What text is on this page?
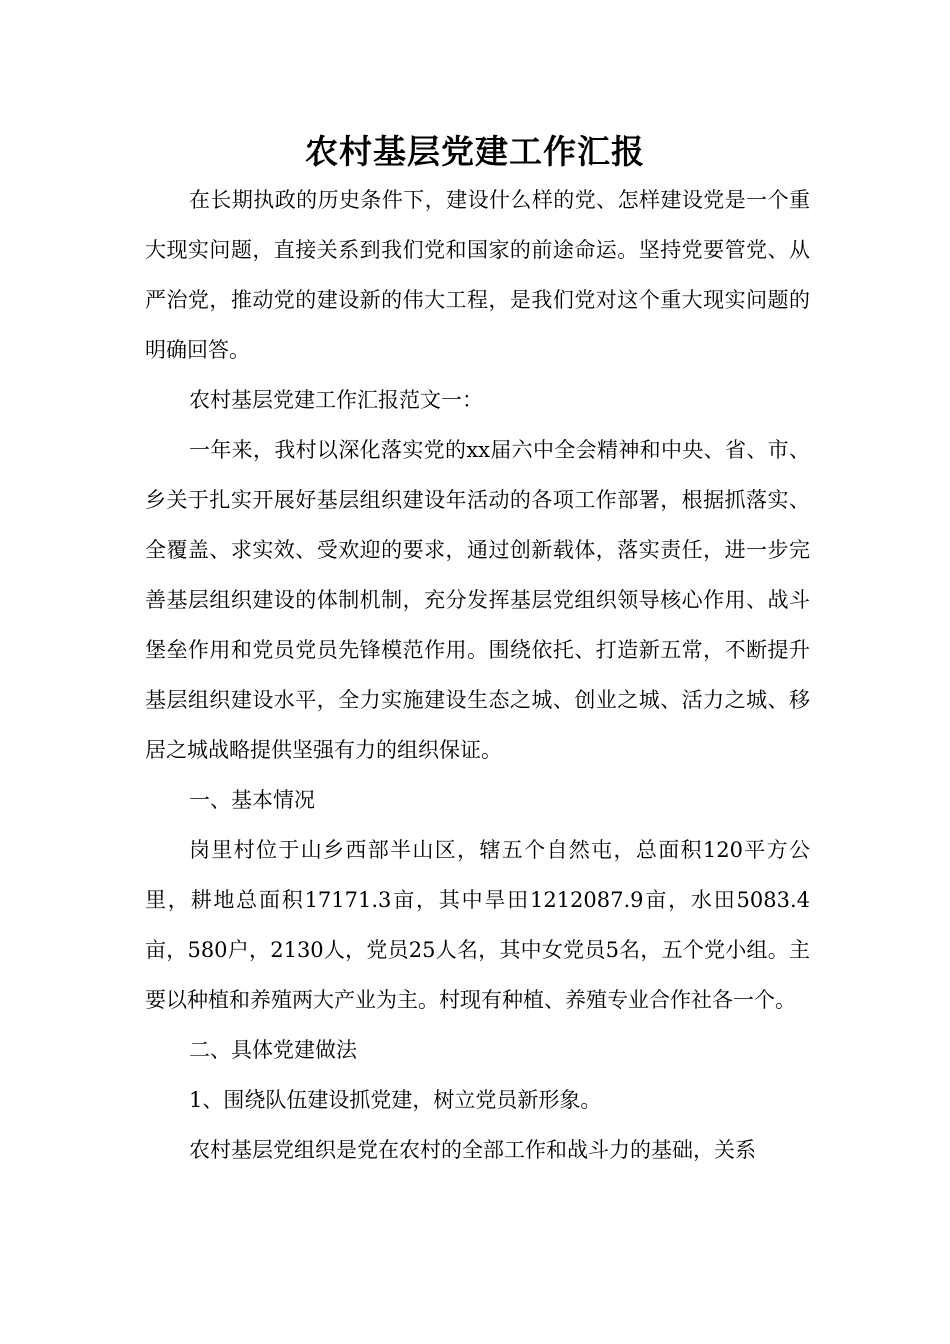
农村基层党建工作汇报

在长期执政的历史条件下，建设什么样的党、怎样建设党是一个重大现实问题，直接关系到我们党和国家的前途命运。坚持党要管党、从严治党，推动党的建设新的伟大工程，是我们党对这个重大现实问题的明确回答。

农村基层党建工作汇报范文一：

一年来，我村以深化落实党的xx届六中全会精神和中央、省、市、乡关于扎实开展好基层组织建设年活动的各项工作部署，根据抓落实、全覆盖、求实效、受欢迎的要求，通过创新载体，落实责任，进一步完善基层组织建设的体制机制，充分发挥基层党组织领导核心作用、战斗堡垒作用和党员党员先锋模范作用。围绕依托、打造新五常，不断提升基层组织建设水平，全力实施建设生态之城、创业之城、活力之城、移居之城战略提供坚强有力的组织保证。

一、基本情况

岗里村位于山乡西部半山区，辖五个自然屯，总面积120平方公里，耕地总面积17171.3亩，其中旱田1212087.9亩，水田5083.4亩，580户，2130人，党员25人名，其中女党员5名，五个党小组。主要以种植和养殖两大产业为主。村现有种植、养殖专业合作社各一个。

二、具体党建做法

1、围绕队伍建设抓党建，树立党员新形象。

农村基层党组织是党在农村的全部工作和战斗力的基础，关系
